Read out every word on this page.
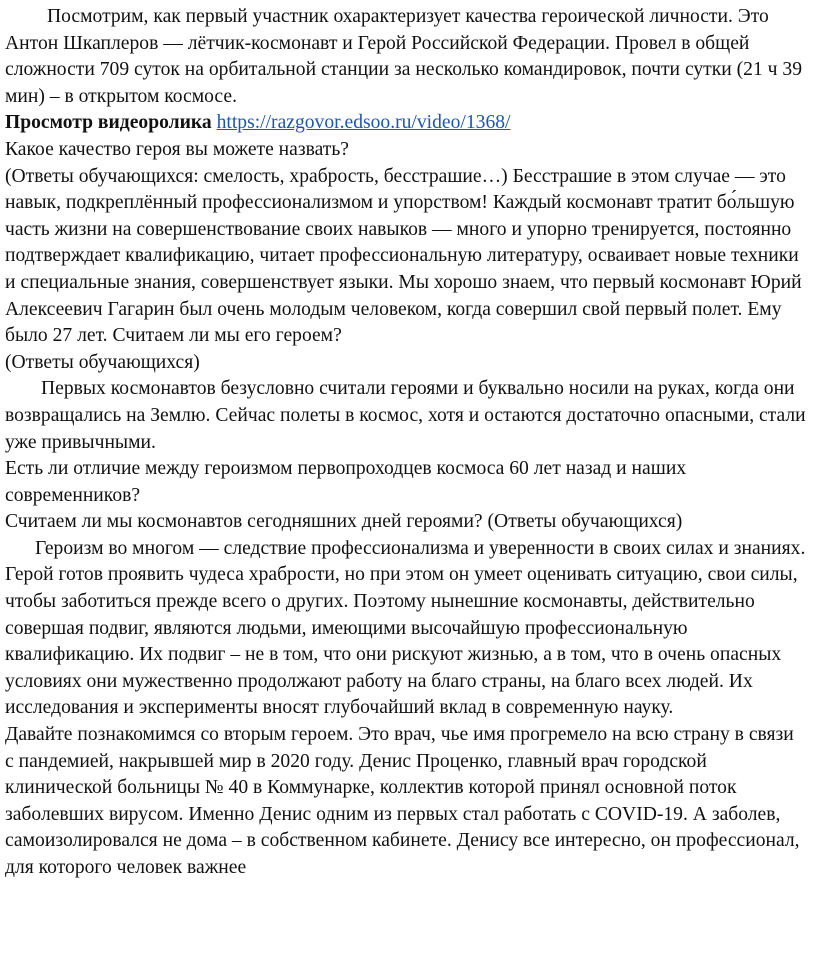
Посмотрим, как первый участник охарактеризует качества героической личности. Это Антон Шкаплеров — лётчик-космонавт и Герой Российской Федерации. Провел в общей сложности 709 суток на орбитальной станции за несколько командировок, почти сутки (21 ч 39 мин) – в открытом космосе.

Просмотр видеоролика https://razgovor.edsoo.ru/video/1368/

Какое качество героя вы можете назвать?

(Ответы обучающихся: смелость, храбрость, бесстрашие…) Бесстрашие в этом случае — это навык, подкреплённый профессионализмом и упорством! Каждый космонавт тратит бо́льшую часть жизни на совершенствование своих навыков — много и упорно тренируется, постоянно подтверждает квалификацию, читает профессиональную литературу, осваивает новые техники и специальные знания, совершенствует языки. Мы хорошо знаем, что первый космонавт Юрий Алексеевич Гагарин был очень молодым человеком, когда совершил свой первый полет. Ему было 27 лет. Считаем ли мы его героем?

(Ответы обучающихся)

Первых космонавтов безусловно считали героями и буквально носили на руках, когда они возвращались на Землю. Сейчас полеты в космос, хотя и остаются достаточно опасными, стали уже привычными.

Есть ли отличие между героизмом первопроходцев космоса 60 лет назад и наших современников?

Считаем ли мы космонавтов сегодняшних дней героями? (Ответы обучающихся)

Героизм во многом — следствие профессионализма и уверенности в своих силах и знаниях. Герой готов проявить чудеса храбрости, но при этом он умеет оценивать ситуацию, свои силы, чтобы заботиться прежде всего о других. Поэтому нынешние космонавты, действительно совершая подвиг, являются людьми, имеющими высочайшую профессиональную квалификацию. Их подвиг – не в том, что они рискуют жизнью, а в том, что в очень опасных условиях они мужественно продолжают работу на благо страны, на благо всех людей. Их исследования и эксперименты вносят глубочайший вклад в современную науку.

Давайте познакомимся со вторым героем. Это врач, чье имя прогремело на всю страну в связи с пандемией, накрывшей мир в 2020 году. Денис Проценко, главный врач городской клинической больницы № 40 в Коммунарке, коллектив которой принял основной поток заболевших вирусом. Именно Денис одним из первых стал работать с COVID-19. А заболев, самоизолировался не дома – в собственном кабинете. Денису все интересно, он профессионал, для которого человек важнее
